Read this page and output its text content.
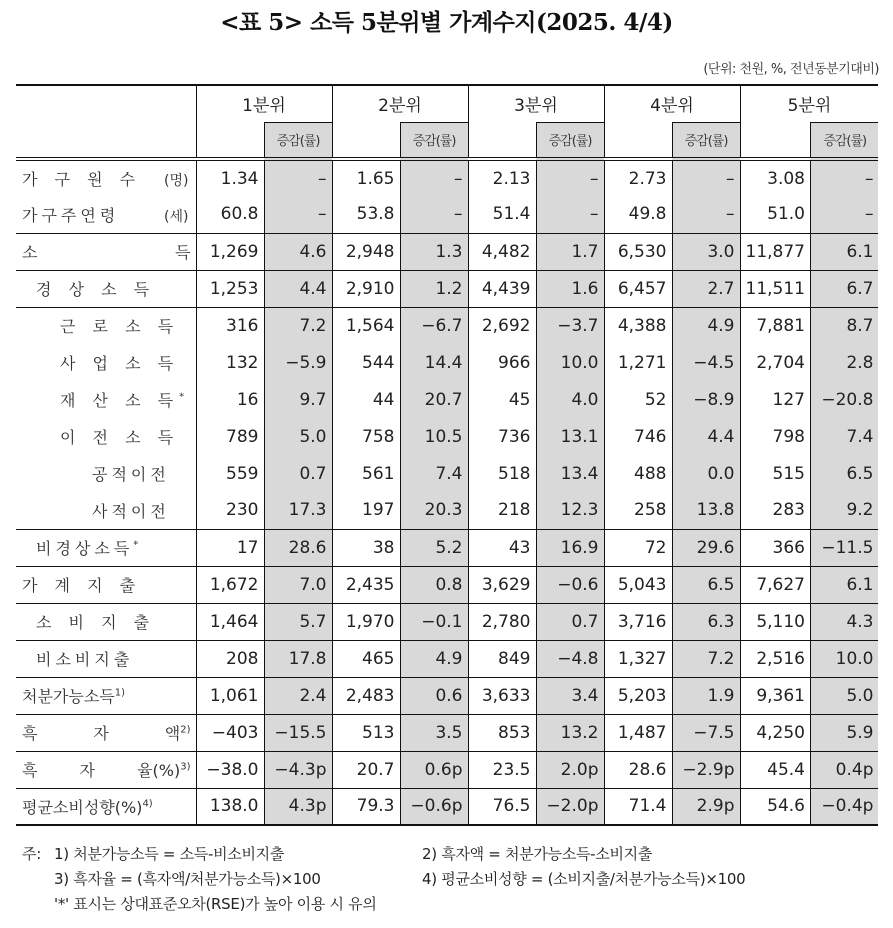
<표 5> 소득 5분위별 가계수지(2025. 4/4)
(단위: 천원, %, 전년동분기대비)
	1분위		2분위		3분위		4분위		5분위	
		증감(률)		증감(률)		증감(률)		증감(률)		증감(률)

가 구 원 수 (명)	1.34	–	1.65	–	2.13	–	2.73	–	3.08	–

가구주연령 (세)	60.8	–	53.8	–	51.4	–	49.8	–	51.0	–

소 득	1,269	4.6	2,948	1.3	4,482	1.7	6,530	3.0	11,877	6.1

경 상 소 득	1,253	4.4	2,910	1.2	4,439	1.6	6,457	2.7	11,511	6.7

근 로 소 득	316	7.2	1,564	−6.7	2,692	−3.7	4,388	4.9	7,881	8.7

사 업 소 득	132	−5.9	544	14.4	966	10.0	1,271	−4.5	2,704	2.8

재 산 소 득*	16	9.7	44	20.7	45	4.0	52	−8.9	127	−20.8

이 전 소 득	789	5.0	758	10.5	736	13.1	746	4.4	798	7.4

공적이전	559	0.7	561	7.4	518	13.4	488	0.0	515	6.5

사적이전	230	17.3	197	20.3	218	12.3	258	13.8	283	9.2

비경상소득*	17	28.6	38	5.2	43	16.9	72	29.6	366	−11.5

가 계 지 출	1,672	7.0	2,435	0.8	3,629	−0.6	5,043	6.5	7,627	6.1

소 비 지 출	1,464	5.7	1,970	−0.1	2,780	0.7	3,716	6.3	5,110	4.3

비소비지출	208	17.8	465	4.9	849	−4.8	1,327	7.2	2,516	10.0

처분가능소득$^{1)}$	1,061	2.4	2,483	0.6	3,633	3.4	5,203	1.9	9,361	5.0

흑 자 액$^{2)}$	−403	−15.5	513	3.5	853	13.2	1,487	−7.5	4,250	5.9

흑 자 율(%)$^{3)}$	−38.0	−4.3p	20.7	0.6p	23.5	2.0p	28.6	−2.9p	45.4	0.4p

평균소비성향(%)$^{4)}$	138.0	4.3p	79.3	−0.6p	76.5	−2.0p	71.4	2.9p	54.6	−0.4p
주: 1) 처분가능소득 = 소득-비소비지출	2) 흑자액 = 처분가능소득-소비지출
3) 흑자율 = (흑자액/처분가능소득)×100	4) 평균소비성향 = (소비지출/처분가능소득)×100
'*' 표시는 상대표준오차(RSE)가 높아 이용 시 유의
